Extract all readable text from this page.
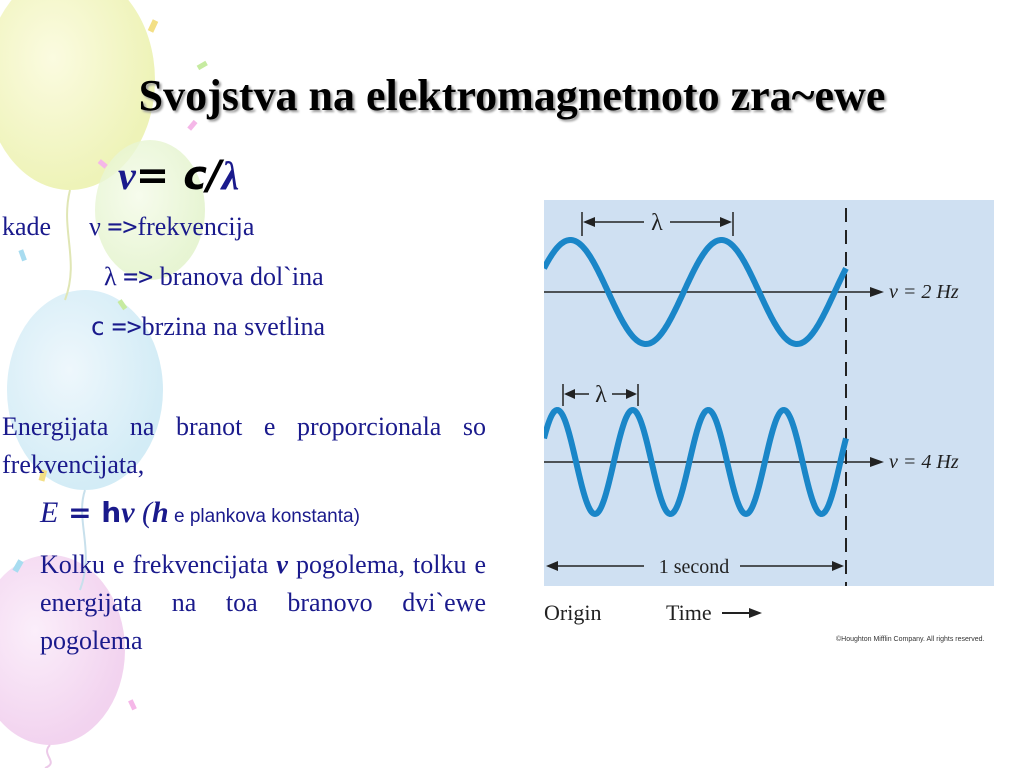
Svojstva na elektromagnetnoto zra~ewe
ν= c/λ
kade ν =>frekvencija
λ => branova dol`ina
c =>brzina na svetlina
Energijata na branot e proporcionala so frekvencijata,
E = hν (h e plankova konstanta)
Kolku e frekvencijata ν pogolema, tolku e energijata na toa branovo dvi`ewe pogolema
λ
λ
ν = 2 Hz
ν = 4 Hz
1 second
Origin	Time
©Houghton Mifflin Company. All rights reserved.
